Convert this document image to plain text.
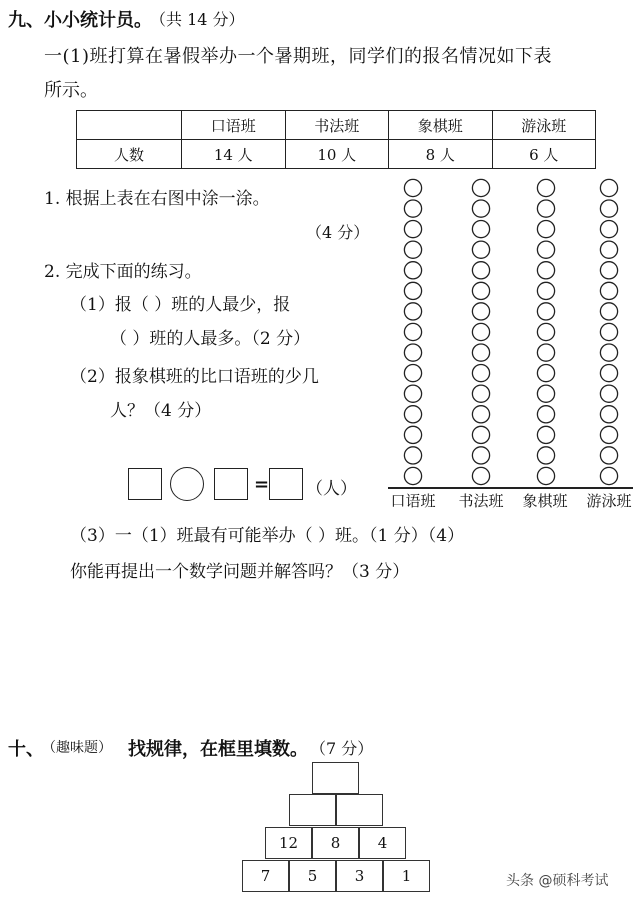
九、小小统计员。
（共 14 分）
一(1)班打算在暑假举办一个暑期班，同学们的报名情况如下表
所示。
	口语班	书法班	象棋班	游泳班
人数	14 人	10 人	8 人	6 人
1. 根据上表在右图中涂一涂。
（4 分）
2. 完成下面的练习。
（1）报（ ）班的人最少，报
（ ）班的人最多。（2 分）
（2）报象棋班的比口语班的少几
人？（4 分）
= （人）
（3）一（1）班最有可能举办（ ）班。（1 分）（4）
你能再提出一个数学问题并解答吗？（3 分）
口语班	书法班	象棋班	游泳班
十、
（趣味题） 找规律，在框里填数。 （7 分）
12	8	4
7	5	3	1	头条 @硕科考试
